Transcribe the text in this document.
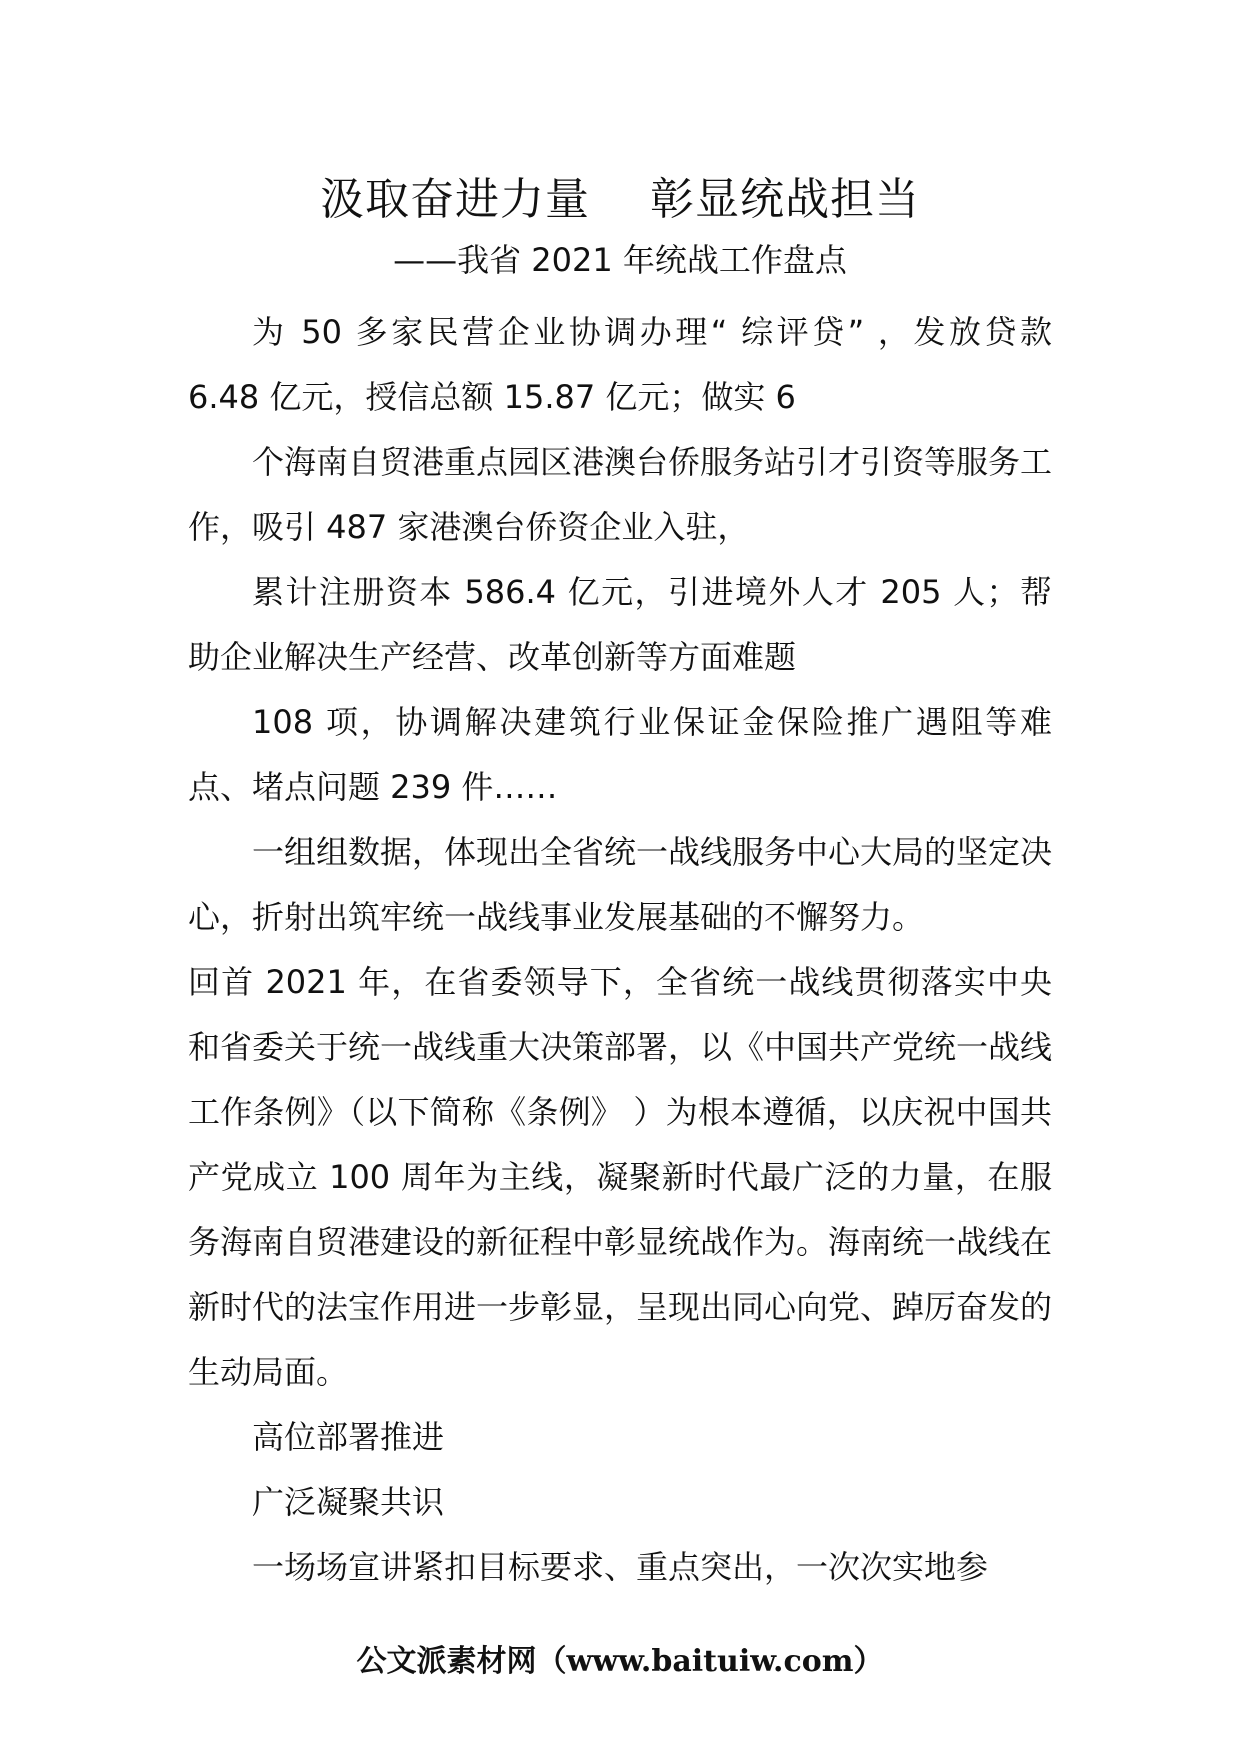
汲取奋进力量    彰显统战担当
——我省 2021 年统战工作盘点

为 50 多家民营企业协调办理“ 综评贷” ，发放贷款 6.48 亿元，授信总额 15.87 亿元；做实 6

个海南自贸港重点园区港澳台侨服务站引才引资等服务工作，吸引 487 家港澳台侨资企业入驻，

累计注册资本 586.4 亿元，引进境外人才 205 人；帮助企业解决生产经营、改革创新等方面难题

108 项，协调解决建筑行业保证金保险推广遇阻等难点、堵点问题 239 件……

一组组数据，体现出全省统一战线服务中心大局的坚定决心，折射出筑牢统一战线事业发展基础的不懈努力。

回首 2021 年，在省委领导下，全省统一战线贯彻落实中央和省委关于统一战线重大决策部署，以《中国共产党统一战线工作条例》（以下简称《条例》 ）为根本遵循，以庆祝中国共产党成立 100 周年为主线，凝聚新时代最广泛的力量，在服务海南自贸港建设的新征程中彰显统战作为。海南统一战线在新时代的法宝作用进一步彰显，呈现出同心向党、踔厉奋发的生动局面。

高位部署推进

广泛凝聚共识

一场场宣讲紧扣目标要求、重点突出，一次次实地参

公文派素材网（www.baituiw.com）
